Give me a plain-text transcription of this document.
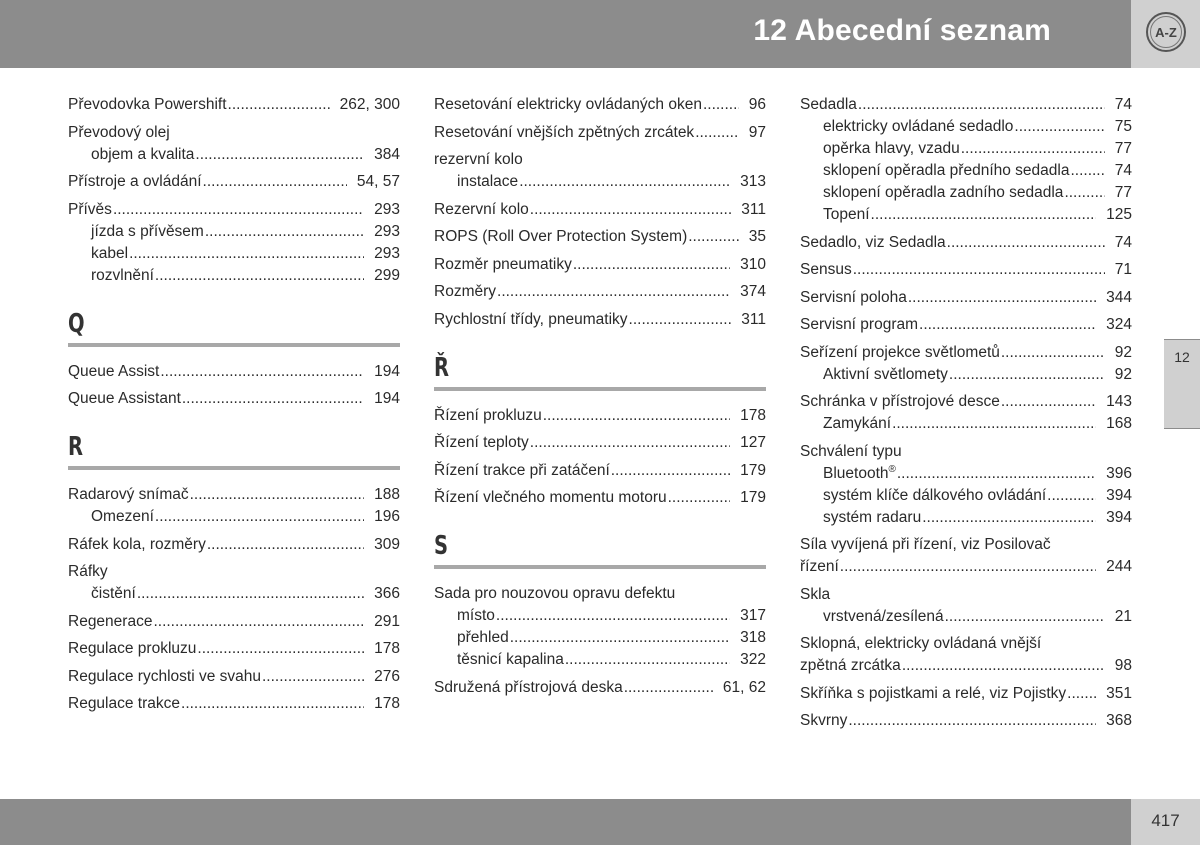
12 Abecední seznam	A-Z
12
Převodovka Powershift .....	262, 300
Převodový olej
objem a kvalita .....	384
Přístroje a ovládání .....	54, 57
Přívěs .....	293
jízda s přívěsem .....	293
kabel .....	293
rozvlnění .....	299
Q
Queue Assist .....	194
Queue Assistant .....	194
R
Radarový snímač .....	188
Omezení .....	196
Ráfek kola, rozměry .....	309
Ráfky
čistění .....	366
Regenerace .....	291
Regulace prokluzu .....	178
Regulace rychlosti ve svahu .....	276
Regulace trakce .....	178
Resetování elektricky ovládaných oken .....	96
Resetování vnějších zpětných zrcátek .....	97
rezervní kolo
instalace .....	313
Rezervní kolo .....	311
ROPS (Roll Over Protection System) .....	35
Rozměr pneumatiky .....	310
Rozměry .....	374
Rychlostní třídy, pneumatiky .....	311
Ř
Řízení prokluzu .....	178
Řízení teploty .....	127
Řízení trakce při zatáčení .....	179
Řízení vlečného momentu motoru .....	179
S
Sada pro nouzovou opravu defektu
místo .....	317
přehled .....	318
těsnicí kapalina .....	322
Sdružená přístrojová deska .....	61, 62
Sedadla .....	74
elektricky ovládané sedadlo .....	75
opěrka hlavy, vzadu .....	77
sklopení opěradla předního sedadla .....	74
sklopení opěradla zadního sedadla .....	77
Topení .....	125
Sedadlo, viz Sedadla .....	74
Sensus .....	71
Servisní poloha .....	344
Servisní program .....	324
Seřízení projekce světlometů .....	92
Aktivní světlomety .....	92
Schránka v přístrojové desce .....	143
Zamykání .....	168
Schválení typu
Bluetooth® .....	396
systém klíče dálkového ovládání .....	394
systém radaru .....	394
Síla vyvíjená při řízení, viz Posilovač
řízení .....	244
Skla
vrstvená/zesílená .....	21
Sklopná, elektricky ovládaná vnější
zpětná zrcátka .....	98
Skříňka s pojistkami a relé, viz Pojistky .....	351
Skvrny .....	368
417
